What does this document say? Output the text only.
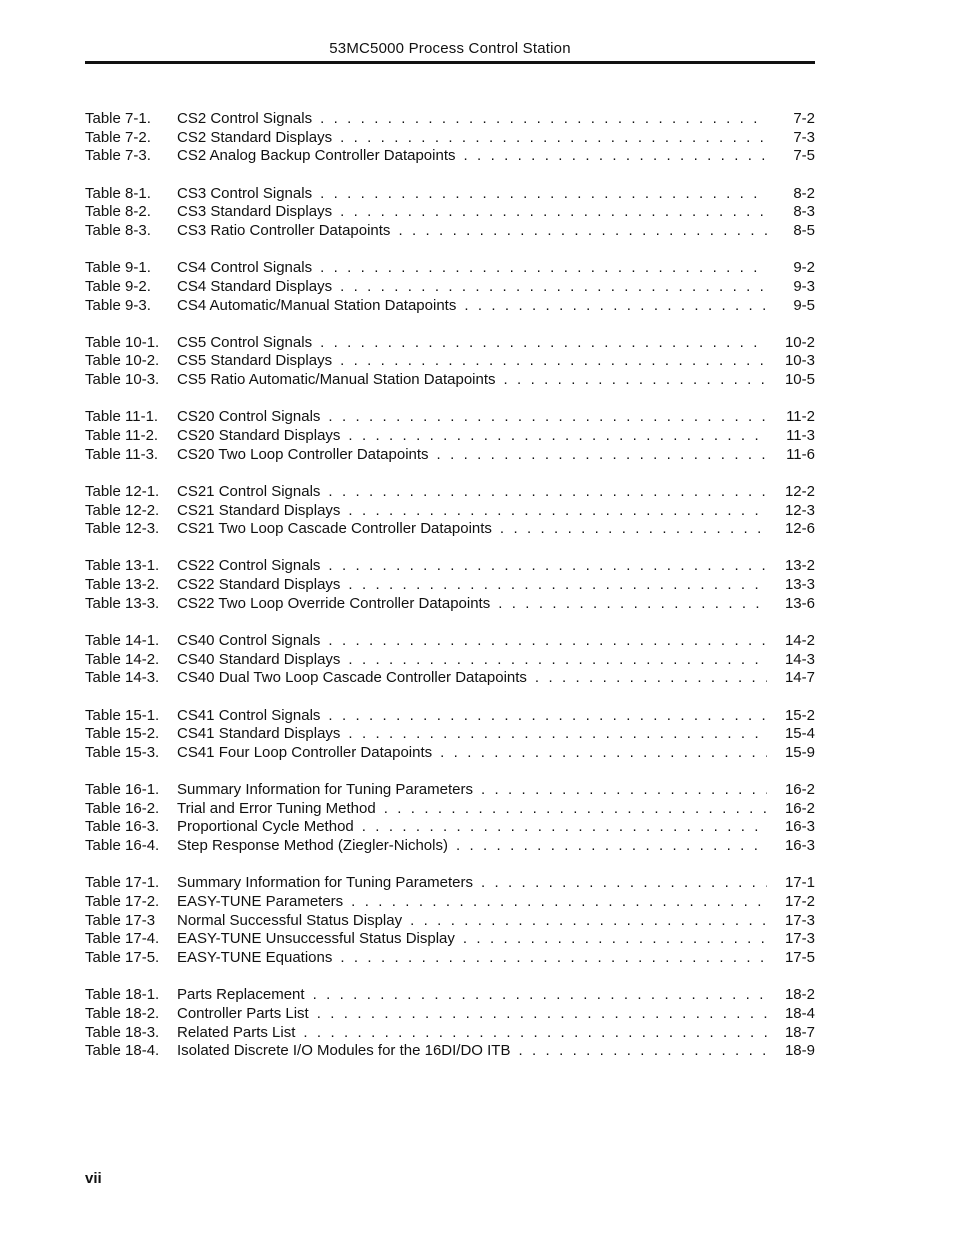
53MC5000 Process Control Station
Table 7-1. CS2 Control Signals . . .	7-2
Table 7-2. CS2 Standard Displays . . .	7-3
Table 7-3. CS2 Analog Backup Controller Datapoints . . .	7-5
Table 8-1. CS3 Control Signals . . .	8-2
Table 8-2. CS3 Standard Displays . . .	8-3
Table 8-3. CS3 Ratio Controller Datapoints . . .	8-5
Table 9-1. CS4 Control Signals . . .	9-2
Table 9-2. CS4 Standard Displays . . .	9-3
Table 9-3. CS4 Automatic/Manual Station Datapoints . . .	9-5
Table 10-1. CS5 Control Signals . . .	10-2
Table 10-2. CS5 Standard Displays . . .	10-3
Table 10-3. CS5 Ratio Automatic/Manual Station Datapoints . . .	10-5
Table 11-1. CS20 Control Signals . . .	11-2
Table 11-2. CS20 Standard Displays . . .	11-3
Table 11-3. CS20 Two Loop Controller Datapoints . . .	11-6
Table 12-1. CS21 Control Signals . . .	12-2
Table 12-2. CS21 Standard Displays . . .	12-3
Table 12-3. CS21 Two Loop Cascade Controller Datapoints . . .	12-6
Table 13-1. CS22 Control Signals . . .	13-2
Table 13-2. CS22 Standard Displays . . .	13-3
Table 13-3. CS22 Two Loop Override Controller Datapoints . . .	13-6
Table 14-1. CS40 Control Signals . . .	14-2
Table 14-2. CS40 Standard Displays . . .	14-3
Table 14-3. CS40 Dual Two Loop Cascade Controller Datapoints . . .	14-7
Table 15-1. CS41 Control Signals . . .	15-2
Table 15-2. CS41 Standard Displays . . .	15-4
Table 15-3. CS41 Four Loop Controller Datapoints . . .	15-9
Table 16-1. Summary Information for Tuning Parameters . . .	16-2
Table 16-2. Trial and Error Tuning Method . . .	16-2
Table 16-3. Proportional Cycle Method . . .	16-3
Table 16-4. Step Response Method (Ziegler-Nichols) . . .	16-3
Table 17-1. Summary Information for Tuning Parameters . . .	17-1
Table 17-2. EASY-TUNE Parameters . . .	17-2
Table 17-3 Normal Successful Status Display . . .	17-3
Table 17-4. EASY-TUNE Unsuccessful Status Display . . .	17-3
Table 17-5. EASY-TUNE Equations . . .	17-5
Table 18-1. Parts Replacement . . .	18-2
Table 18-2. Controller Parts List . . .	18-4
Table 18-3. Related Parts List . . .	18-7
Table 18-4. Isolated Discrete I/O Modules for the 16DI/DO ITB . . .	18-9
vii
